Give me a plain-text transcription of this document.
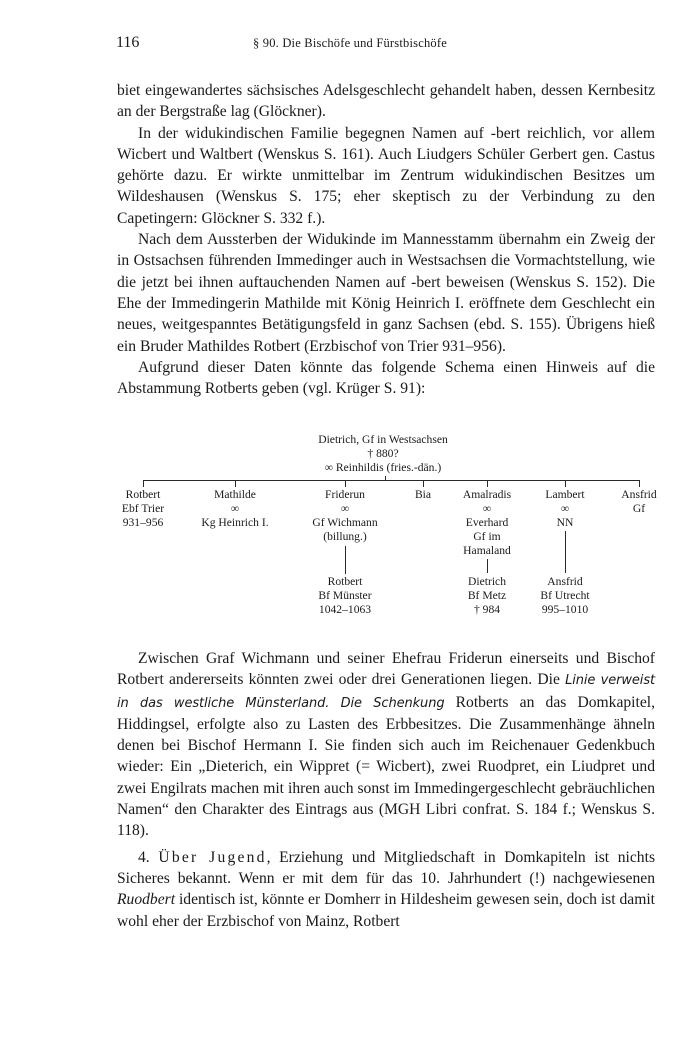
116	§ 90. Die Bischöfe und Fürstbischöfe

biet eingewandertes sächsisches Adelsgeschlecht gehandelt haben, dessen Kernbesitz an der Bergstraße lag (Glöckner).

In der widukindischen Familie begegnen Namen auf -bert reichlich, vor allem Wicbert und Waltbert (Wenskus S. 161). Auch Liudgers Schüler Gerbert gen. Castus gehörte dazu. Er wirkte unmittelbar im Zentrum widukindischen Besitzes um Wildeshausen (Wenskus S. 175; eher skeptisch zu der Verbindung zu den Capetingern: Glöckner S. 332 f.).

Nach dem Aussterben der Widukinde im Mannesstamm übernahm ein Zweig der in Ostsachsen führenden Immedinger auch in Westsachsen die Vormachtstellung, wie die jetzt bei ihnen auftauchenden Namen auf -bert beweisen (Wenskus S. 152). Die Ehe der Immedingerin Mathilde mit König Heinrich I. eröffnete dem Geschlecht ein neues, weitgespanntes Betätigungsfeld in ganz Sachsen (ebd. S. 155). Übrigens hieß ein Bruder Mathildes Rotbert (Erzbischof von Trier 931–956).

Aufgrund dieser Daten könnte das folgende Schema einen Hinweis auf die Abstammung Rotberts geben (vgl. Krüger S. 91):

Dietrich, Gf in Westsachsen
† 880?
∞ Reinhildis (fries.-dän.)
Rotbert
Ebf Trier
931–956
Mathilde
∞
Kg Heinrich I.
Friderun
∞
Gf Wichmann
(billung.)
Bia	Amalradis
∞
Everhard
Gf im
Hamaland
Lambert
∞
NN
Ansfrid
Gf
Rotbert
Bf Münster
1042–1063
Dietrich
Bf Metz
† 984
Ansfrid
Bf Utrecht
995–1010

Zwischen Graf Wichmann und seiner Ehefrau Friderun einerseits und Bischof Rotbert andererseits könnten zwei oder drei Generationen liegen. Die Linie verweist in das westliche Münsterland. Die Schenkung Rotberts an das Domkapitel, Hiddingsel, erfolgte also zu Lasten des Erbbesitzes. Die Zusammenhänge ähneln denen bei Bischof Hermann I. Sie finden sich auch im Reichenauer Gedenkbuch wieder: Ein „Dieterich, ein Wippret (= Wicbert), zwei Ruodpret, ein Liudpret und zwei Engilrats machen mit ihren auch sonst im Immedingergeschlecht gebräuchlichen Namen“ den Charakter des Eintrags aus (MGH Libri confrat. S. 184 f.; Wenskus S. 118).

4. Über Jugend, Erziehung und Mitgliedschaft in Domkapiteln ist nichts Sicheres bekannt. Wenn er mit dem für das 10. Jahrhundert (!) nachgewiesenen Ruodbert identisch ist, könnte er Domherr in Hildesheim gewesen sein, doch ist damit wohl eher der Erzbischof von Mainz, Rotbert
